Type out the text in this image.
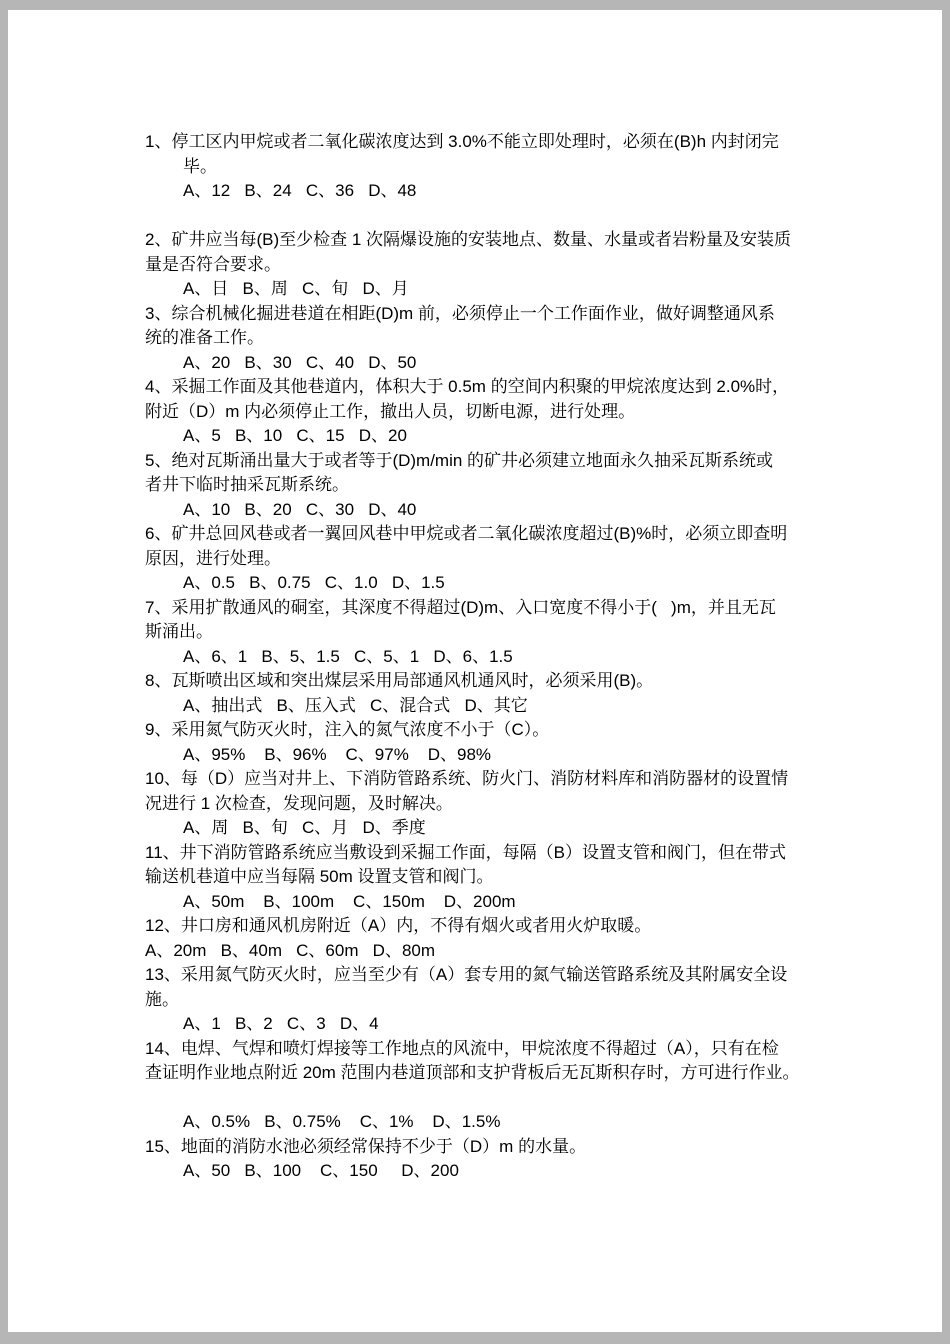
1、停工区内甲烷或者二氧化碳浓度达到 3.0%不能立即处理时，必须在(B)h 内封闭完
毕。
A、12   B、24   C、36   D、48

2、矿井应当每(B)至少检查 1 次隔爆设施的安装地点、数量、水量或者岩粉量及安装质
量是否符合要求。
A、日   B、周   C、旬   D、月
3、综合机械化掘进巷道在相距(D)m 前，必须停止一个工作面作业，做好调整通风系
统的准备工作。
A、20   B、30   C、40   D、50
4、采掘工作面及其他巷道内，体积大于 0.5m 的空间内积聚的甲烷浓度达到 2.0%时，
附近（D）m 内必须停止工作，撤出人员，切断电源，进行处理。
A、5   B、10   C、15   D、20
5、绝对瓦斯涌出量大于或者等于(D)m/min 的矿井必须建立地面永久抽采瓦斯系统或
者井下临时抽采瓦斯系统。
A、10   B、20   C、30   D、40
6、矿井总回风巷或者一翼回风巷中甲烷或者二氧化碳浓度超过(B)%时，必须立即查明
原因，进行处理。
A、0.5   B、0.75   C、1.0   D、1.5
7、采用扩散通风的硐室，其深度不得超过(D)m、入口宽度不得小于(   )m，并且无瓦
斯涌出。
A、6、1   B、5、1.5   C、5、1   D、6、1.5
8、瓦斯喷出区域和突出煤层采用局部通风机通风时，必须采用(B)。
A、抽出式   B、压入式   C、混合式   D、其它
9、采用氮气防灭火时，注入的氮气浓度不小于（C）。
A、95%    B、96%    C、97%    D、98%
10、每（D）应当对井上、下消防管路系统、防火门、消防材料库和消防器材的设置情
况进行 1 次检查，发现问题，及时解决。
A、周   B、旬   C、月   D、季度
11、井下消防管路系统应当敷设到采掘工作面，每隔（B）设置支管和阀门，但在带式
输送机巷道中应当每隔 50m 设置支管和阀门。
A、50m    B、100m    C、150m    D、200m
12、井口房和通风机房附近（A）内，不得有烟火或者用火炉取暖。
A、20m   B、40m   C、60m   D、80m
13、采用氮气防灭火时，应当至少有（A）套专用的氮气输送管路系统及其附属安全设
施。
A、1   B、2   C、3   D、4
14、电焊、气焊和喷灯焊接等工作地点的风流中，甲烷浓度不得超过（A），只有在检
查证明作业地点附近 20m 范围内巷道顶部和支护背板后无瓦斯积存时，方可进行作业。

A、0.5%   B、0.75%    C、1%    D、1.5%
15、地面的消防水池必须经常保持不少于（D）m 的水量。
A、50   B、100    C、150     D、200
